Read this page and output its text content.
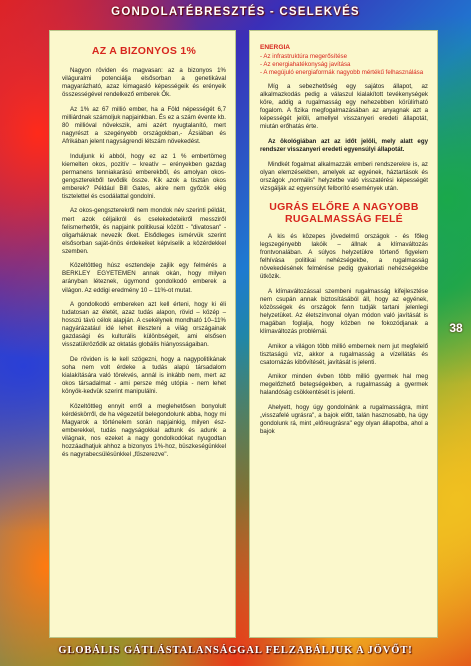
GONDOLATÉBRESZTÉS - CSELEKVÉS
AZ A BIZONYOS 1%

Nagyon röviden és magvasan: az a bizonyos 1% világuralmi potenciálja elsősorban a genetikával magyarázható, azaz kimagasló képességeik és erényeik összességével rendelkező emberek Ők.

Az 1% az 67 millió ember, ha a Föld népességét 6,7 milliárdnak számoljuk napjainkban. És ez a szám évente kb. 80 millióval növekszik, ami azért nyugtalanító, mert nagyrészt a szegényebb országokban,- Ázsiában és Afrikában jelent nagyságrendi létszám növekedést.

Induljunk ki abból, hogy ez az 1 % embertömeg kiemelten okos, pozitív – kreatív – erényekben gazdag permanens tenniakarású emberekből, és amolyan okos-gengszterekből tevődik össze. Kik azok a tisztán okos emberek? Például Bill Gates, akire nem győzök elég tisztelettel és csodálattal gondolni.

Az okos-gengszterekről nem mondok név szerinti példát, mert azok céljaikról és cselekedeteikről messziről felismerhetők, és napjaink politikusai között - "divatosan" - oligarháknak nevezik őket. Elsődleges ismérvük szerint elsősorban saját-önös érdekeiket képviselik a közérdekkel szemben.

Közeltöttleg húsz esztendeje zajlik egy felmérés a BERKLEY EGYETEMEN annak okán, hogy milyen arányban léteznek, úgymond gondolkodó emberek a világon. Az eddigi eredmény 10 – 11%-ot mutat.

A gondolkodó embereken azt kell érteni, hogy ki éli tudatosan az életét, azaz tudás alapon, rövid – közép – hosszú távú célok alapján. A csekélynek mondható 10–11% nagyárázatául idé lehet illeszteni a világ országainak gazdasági és kulturális különbségeit, ami elsősen visszatükröződik az oktatás globális hiányosságaiban.

De röviden is le kell szögezni, hogy a nagypolitikának soha nem volt érdeke a tudás alapú társadalom kialakítására való törekvés, annál is inkább nem, mert az okos társadalmat - ami persze még utópia - nem lehet könyök-kedvük szerint manipulálni.

Közeltöttleg ennyit erről a meglehetősen bonyolult kérdéskörről, de ha végezetül belegondolunk abba, hogy mi Magyarok a történelem során napjainkig, milyen ész-emberekkel, tudás nagyságokkal adtunk és adunk a világnak, nos ezeket a nagy gondolkodókat nyugodtan hozzáadhatjuk ahhoz a bizonyos 1%-hoz, büszkeségünkkel és nagyrabecsülésünkkel „fűszerezve".

ENERGIA
- Az infrastruktúra megerősítése
- Az energiahatékonyság javítása
- A megújuló energiaformák nagyobb mértékű felhasználása

Míg a sebezhetőség egy sajátos állapot, az alkalmazkodás pedig a válaszul kialakított tevékenységek köre, addig a rugalmasság egy nehezebben körülírható fogalom. A fizika megfogalmazásában az anyagnak azt a képességét jelöli, amellyel visszanyeri eredeti állapotát, miután erőhatás érte.

Az ökológiában azt az időt jelöli, mely alatt egy rendszer visszanyeri eredeti egyensúlyi állapotát.

Mindkét fogalmat alkalmazzák emberi rendszerekre is, az olyan elemzésekben, amelyek az egyének, háztartások és országok „normális" helyzetbe való visszatérési képességét vizsgálják az egyensúlyt felborító események után.

UGRÁS ELŐRE A NAGYOBB RUGALMASSÁG FELÉ

A kis és közepes jövedelmű országok - és főleg legszegényebb lakóik – állnak a klímaváltozás frontvonalában. A súlyos helyzetükre törtenő figyelem felhívása politikai nehézségekbe, a rugalmasság növekedésének felmérése pedig gyakorlati nehézségekbe ütközik.

A klímaváltozással szembeni rugalmasság kifejlesztése nem csupán annak biztosításából áll, hogy az egyének, közösségek és országok fenn tudják tartani jelenlegi helyzetüket. Az életszínvonal olyan módon való javítását is magában foglalja, hogy közben ne fokozódjanak a klímaváltozás problémái.

Amikor a világon több millió embernek nem jut megfelelő tisztaságú víz, akkor a rugalmasság a vízellátás és csatornázás kibővítését, javítását is jelenti.

Amikor minden évben több millió gyermek hal meg megelőzhető betegségekben, a rugalmasság a gyermek halandóság csökkentését is jelenti.

Ahelyett, hogy úgy gondolnánk a rugalmasságra, mint „visszafelé ugrásra", a bajok előtt, talán hasznosabb, ha úgy gondolunk rá, mint „előreugrásra" egy olyan állapotba, ahol a bajok

38
GLOBÁLIS GÁTLÁSTALANSÁGGAL FELZABÁLJUK A JÖVŐT!
